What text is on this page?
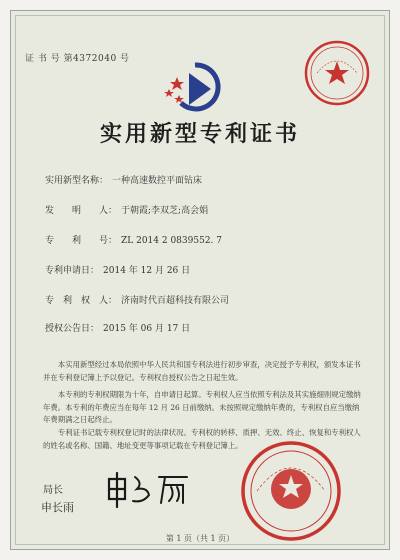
证 书 号 第4372040 号
实用新型专利证书
实用新型名称： 一种高速数控平面钻床
发　　明　　人： 于朝霞;李双芝;高会娟
专　　利　　号： ZL 2014 2 0839552. 7
专利申请日： 2014 年 12 月 26 日
专　利　权　人： 济南时代百超科技有限公司
授权公告日： 2015 年 06 月 17 日
本实用新型经过本局依照中华人民共和国专利法进行初步审查，决定授予专利权，颁发本证书并在专利登记簿上予以登记。专利权自授权公告之日起生效。
本专利的专利权期限为十年，自申请日起算。专利权人应当依照专利法及其实施细则规定缴纳年费。本专利的年费应当在每年 12 月 26 日前缴纳。未按照规定缴纳年费的，专利权自应当缴纳年费期满之日起终止。
专利证书记载专利权登记时的法律状况。专利权的转移、质押、无效、终止、恢复和专利权人的姓名或名称、国籍、地址变更等事项记载在专利登记簿上。
局长
申长雨
第 1 页（共 1 页）
